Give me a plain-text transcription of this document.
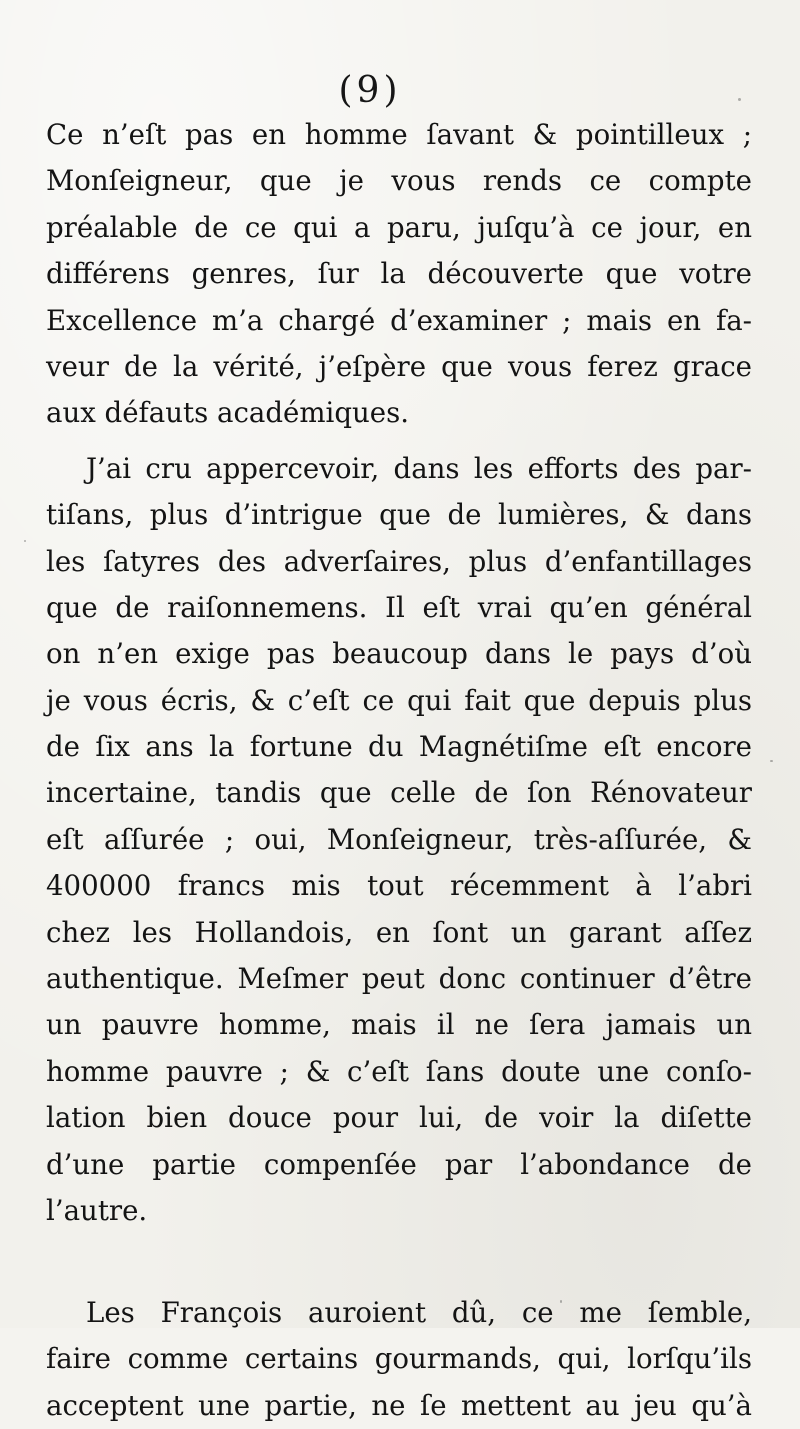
(9)
Ce n’eſt pas en homme ſavant & pointilleux ;
Monſeigneur, que je vous rends ce compte
préalable de ce qui a paru, juſqu’à ce jour, en
différens genres, ſur la découverte que votre
Excellence m’a chargé d’examiner ; mais en fa-
veur de la vérité, j’eſpère que vous ferez grace
aux défauts académiques.
J’ai cru appercevoir, dans les efforts des par-
tiſans, plus d’intrigue que de lumières, & dans
les ſatyres des adverſaires, plus d’enfantillages
que de raiſonnemens. Il eſt vrai qu’en général
on n’en exige pas beaucoup dans le pays d’où
je vous écris, & c’eſt ce qui fait que depuis plus
de ſix ans la fortune du Magnétiſme eſt encore
incertaine, tandis que celle de ſon Rénovateur
eſt aſſurée ; oui, Monſeigneur, très-aſſurée, &
400000 francs mis tout récemment à l’abri
chez les Hollandois, en ſont un garant aſſez
authentique. Meſmer peut donc continuer d’être
un pauvre homme, mais il ne ſera jamais un
homme pauvre ; & c’eſt ſans doute une conſo-
lation bien douce pour lui, de voir la diſette
d’une partie compenſée par l’abondance de
l’autre.
Les François auroient dû, ce me ſemble,
faire comme certains gourmands, qui, lorſqu’ils
acceptent une partie, ne ſe mettent au jeu qu’à
